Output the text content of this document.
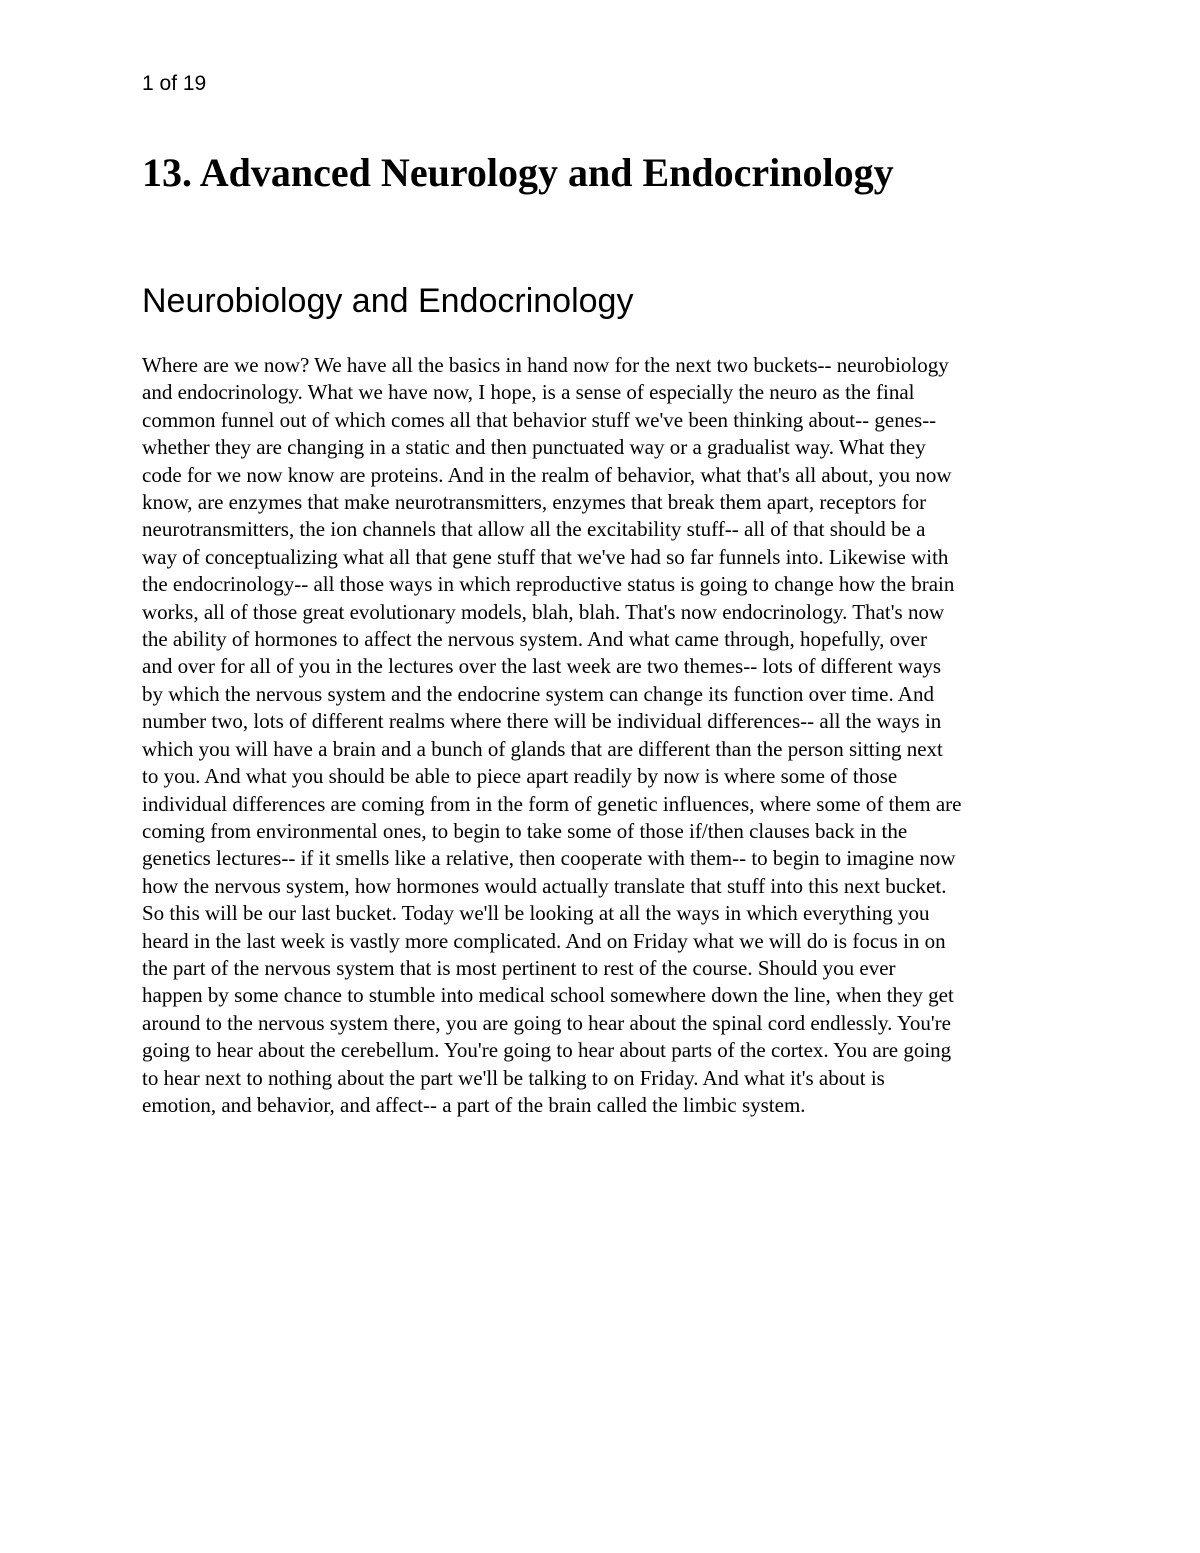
1 of 19

13. Advanced Neurology and Endocrinology
Neurobiology and Endocrinology

Where are we now? We have all the basics in hand now for the next two buckets-- neurobiology
and endocrinology. What we have now, I hope, is a sense of especially the neuro as the final
common funnel out of which comes all that behavior stuff we've been thinking about-- genes--
whether they are changing in a static and then punctuated way or a gradualist way. What they
code for we now know are proteins. And in the realm of behavior, what that's all about, you now
know, are enzymes that make neurotransmitters, enzymes that break them apart, receptors for
neurotransmitters, the ion channels that allow all the excitability stuff-- all of that should be a
way of conceptualizing what all that gene stuff that we've had so far funnels into. Likewise with
the endocrinology-- all those ways in which reproductive status is going to change how the brain
works, all of those great evolutionary models, blah, blah. That's now endocrinology. That's now
the ability of hormones to affect the nervous system. And what came through, hopefully, over
and over for all of you in the lectures over the last week are two themes-- lots of different ways
by which the nervous system and the endocrine system can change its function over time. And
number two, lots of different realms where there will be individual differences-- all the ways in
which you will have a brain and a bunch of glands that are different than the person sitting next
to you. And what you should be able to piece apart readily by now is where some of those
individual differences are coming from in the form of genetic influences, where some of them are
coming from environmental ones, to begin to take some of those if/then clauses back in the
genetics lectures-- if it smells like a relative, then cooperate with them-- to begin to imagine now
how the nervous system, how hormones would actually translate that stuff into this next bucket.
So this will be our last bucket. Today we'll be looking at all the ways in which everything you
heard in the last week is vastly more complicated. And on Friday what we will do is focus in on
the part of the nervous system that is most pertinent to rest of the course. Should you ever
happen by some chance to stumble into medical school somewhere down the line, when they get
around to the nervous system there, you are going to hear about the spinal cord endlessly. You're
going to hear about the cerebellum. You're going to hear about parts of the cortex. You are going
to hear next to nothing about the part we'll be talking to on Friday. And what it's about is
emotion, and behavior, and affect-- a part of the brain called the limbic system.
